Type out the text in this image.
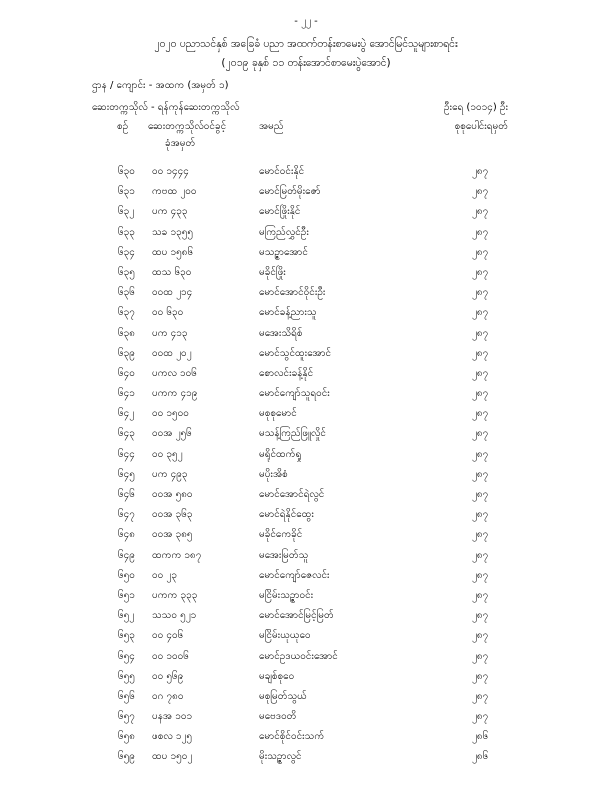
- ၂၂ -
၂၀၂၀ ပညာသင်နှစ် အခြေခံ ပညာ အထက်တန်းစာမေးပွဲ အောင်မြင်သူများစာရင်း
(၂၀၁၉ ခုနှစ် ၁၁ တန်းအောင်စာမေးပွဲအောင်)
ဌာန / ကျောင်း - အထက (အမှတ် ၁)
ဆေးတက္ကသိုလ် - ရန်ကုန်ဆေးတက္ကသိုလ်	ဦးရေ (၁၀၁၄) ဦး
စဉ် ဆေးတက္ကသိုလ်ဝင်ခွင့်
ခုံအမှတ်
အမည်	စုစုပေါင်းရမှတ်
၆၃၀ ဝဝ ၁၄၄၄	မောင်ဝင်းနိုင်	၂၈၇
၆၃၁ ကဗထ ၂၀၀	မောင်မြတ်မိုးဇော်	၂၈၇
၆၃၂ ပက ၄၃၃	မောင်ဖြိုးနိုင်	၂၈၇
၆၃၃ သခ ၁၃၅၅	မကြည်လွှင်ဦး	၂၈၇
၆၃၄ ထပ ၁၅၈၆	မသဉ္ဇာအောင်	၂၈၇
၆၃၅ ထသ ၆၃၀	မခိုင်ဖြိုး	၂၈၇
၆၃၆ ဝဝထ ၂၁၄	မောင်အောင်ဝိုင်းဦး	၂၈၇
၆၃၇ ဝဝ ၆၃၀	မောင်ခန့်ညားသူ	၂၈၇
၆၃၈ ပက ၄၁၃	မအေးသိရိစ်	၂၈၇
၆၃၉ ဝဝထ ၂၀၂	မောင်သွင်ထူးအောင်	၂၈၇
၆၄၀ ပကလ ၁၀၆	စောလင်းခန့်နိုင်	၂၈၇
၆၄၁ ပကက ၄၁၉	မောင်ကျော်သူရဝင်း	၂၈၇
၆၄၂ ဝဝ ၁၅၀၀	မစုစုမောင်	၂၈၇
၆၄၃ ဝဝအ ၂၅၆	မသန့်ကြည်ဖြူလှိုင်	၂၈၇
၆၄၄ ဝဝ ၃၅၂	မရိုင်ထက်ရှု	၂၈၇
၆၄၅ ပက ၄၉၃	မပိုးအိစံ	၂၈၇
၆၄၆ ဝဝအ ၅၈၀	မောင်အောင်ရဲလွင်	၂၈၇
၆၄၇ ဝဝအ ၃၆၃	မောင်ရဲနိုင်ထွေး	၂၈၇
၆၄၈ ဝဝအ ၃၈၅	မခိုင်ကေခိုင်	၂၈၇
၆၄၉ ထကက ၁၈၇	မအေးမြတ်သူ	၂၈၇
၆၅၀ ဝဝ ၂၃	မောင်ကျော်ဇေလင်း	၂၈၇
၆၅၁ ပကက ၃၃၃	မငြိမ်းသဉ္ဇာဝင်း	၂၈၇
၆၅၂ သသဝ ၅၂၁	မောင်အောင်မြင့်မြတ်	၂၈၇
၆၅၃ ဝဝ ၄၀၆	မငြိမ်းယုယုဝေ	၂၈၇
၆၅၄ ဝဝ ၁၀၀၆	မောင်ဥဒယဝင်းအောင်	၂၈၇
၆၅၅ ဝဝ ၅၆၉	မချစ်စုဝေ	၂၈၇
၆၅၆ ဝဂ ၇၈၀	မစုမြတ်သွယ်	၂၈၇
၆၅၇ ပနအ ၁၀၁	မဗေဒဝတိ	၂၈၇
၆၅၈ ဖစလ ၁၂၅	မောင်စိုင်ဝင်းသက်	၂၈၆
၆၅၉ ထပ ၁၅၀၂	မိုးသဉ္ဇာလွင်	၂၈၆
